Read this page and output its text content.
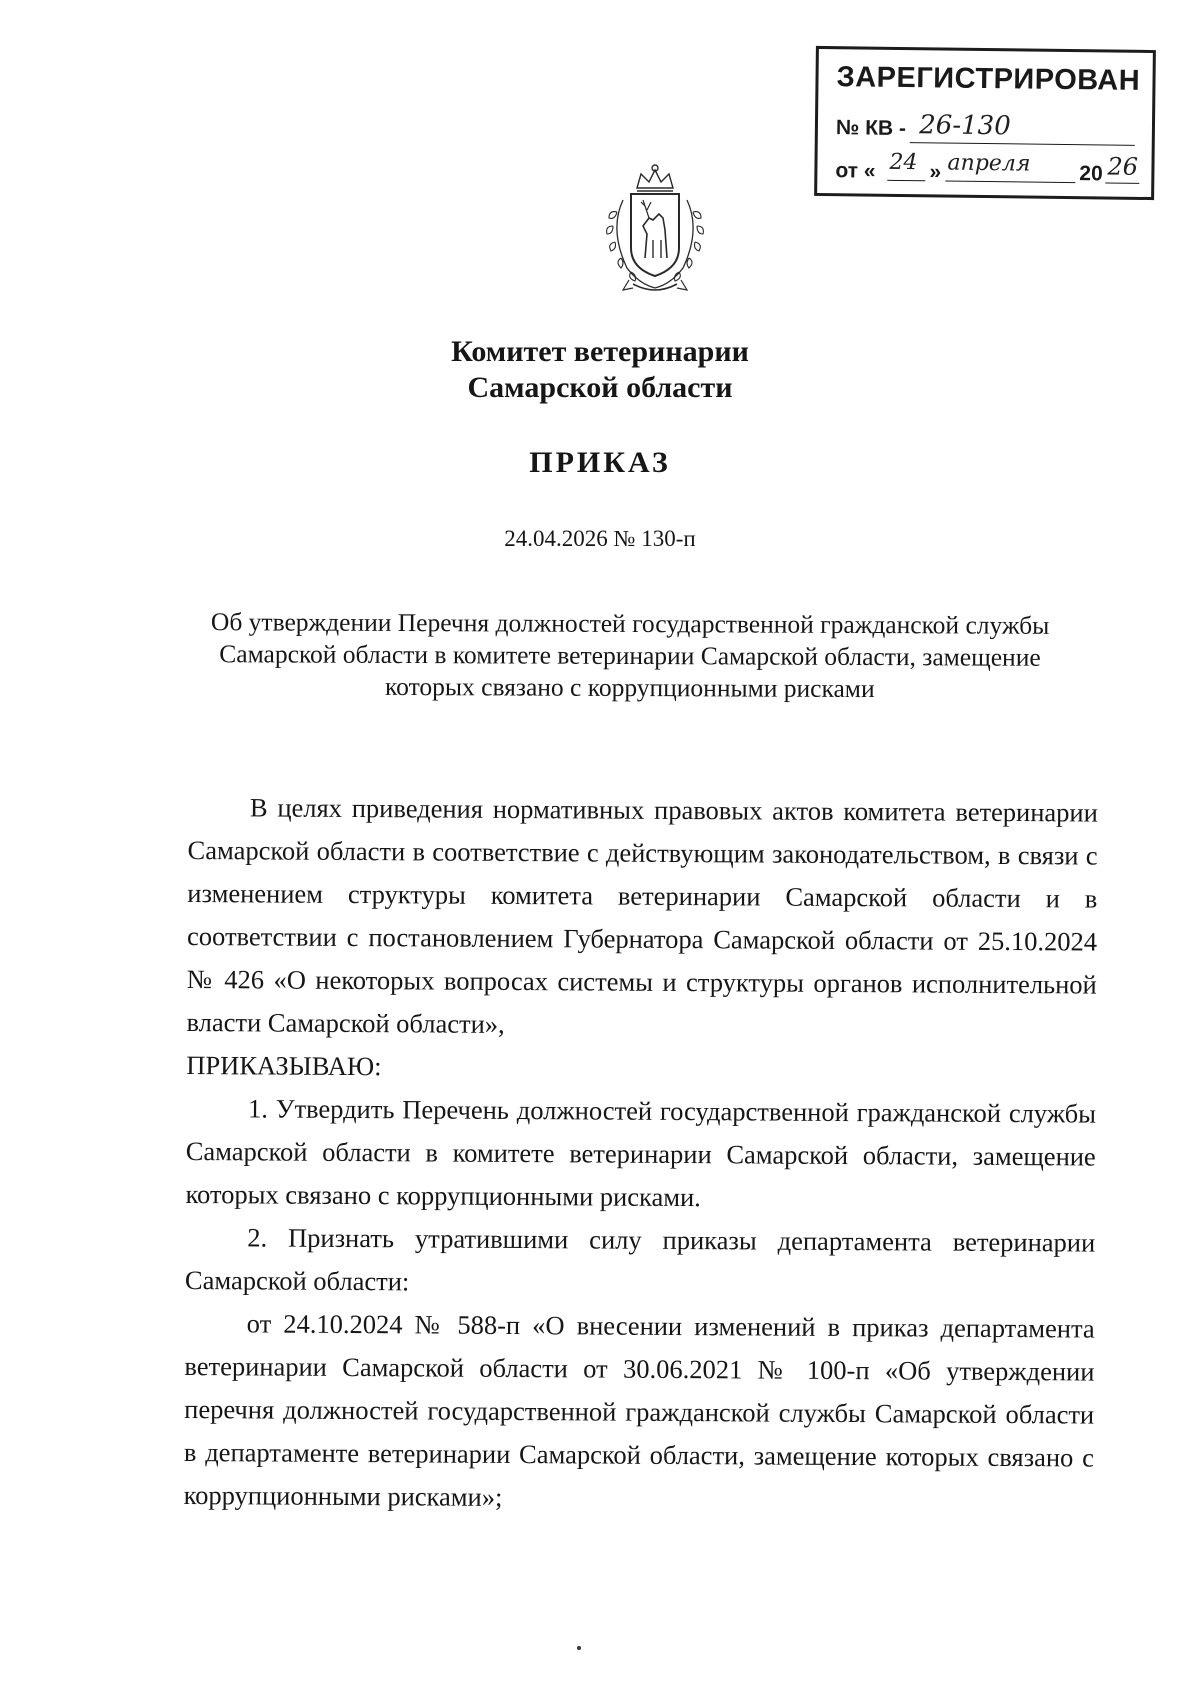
ЗАРЕГИСТРИРОВАН
№ КВ - 26-130
от « 24 » апреля 20 26
Комитет ветеринарии
Самарской области
ПРИКАЗ
24.04.2026 № 130-п
Об утверждении Перечня должностей государственной гражданской службы
Самарской области в комитете ветеринарии Самарской области, замещение
которых связано с коррупционными рисками

В целях приведения нормативных правовых актов комитета ветеринарии Самарской области в соответствие с действующим законодательством, в связи с изменением структуры комитета ветеринарии Самарской области и в соответствии с постановлением Губернатора Самарской области от 25.10.2024 № 426 «О некоторых вопросах системы и структуры органов исполнительной власти Самарской области»,

ПРИКАЗЫВАЮ:

1. Утвердить Перечень должностей государственной гражданской службы Самарской области в комитете ветеринарии Самарской области, замещение которых связано с коррупционными рисками.

2. Признать утратившими силу приказы департамента ветеринарии Самарской области:

от 24.10.2024 № 588-п «О внесении изменений в приказ департамента ветеринарии Самарской области от 30.06.2021 № 100-п «Об утверждении перечня должностей государственной гражданской службы Самарской области в департаменте ветеринарии Самарской области, замещение которых связано с коррупционными рисками»;
